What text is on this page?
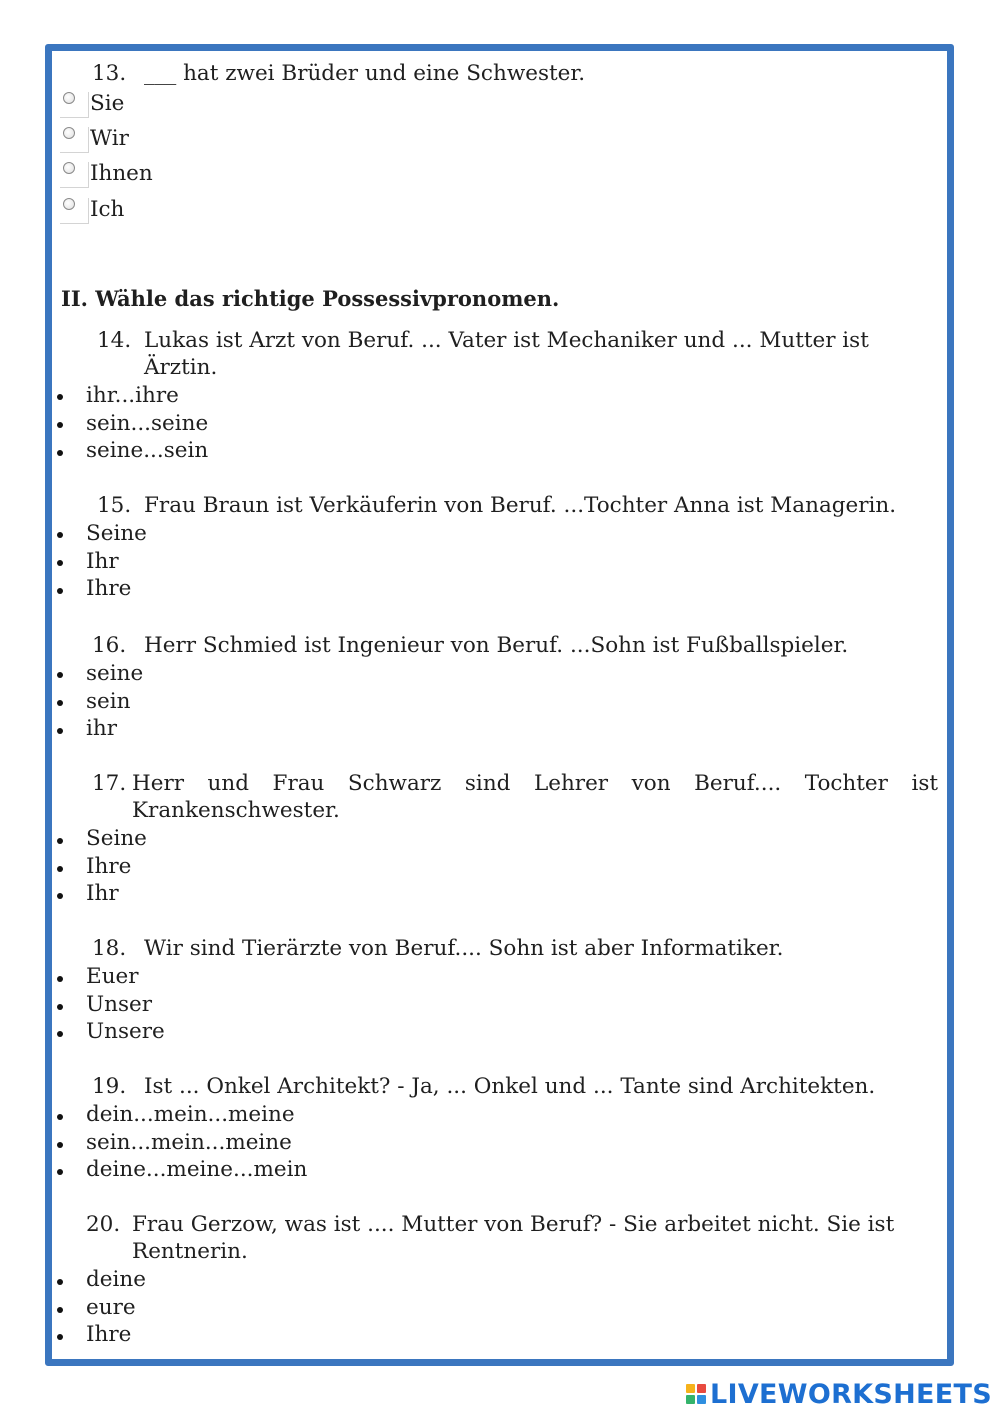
13. ___ hat zwei Brüder und eine Schwester.
Sie
Wir
Ihnen
Ich
II. Wähle das richtige Possessivpronomen.
14. Lukas ist Arzt von Beruf. ... Vater ist Mechaniker und ... Mutter ist
Ärztin.
ihr...ihre
sein...seine
seine...sein
15. Frau Braun ist Verkäuferin von Beruf. ...Tochter Anna ist Managerin.
Seine
Ihr
Ihre
16. Herr Schmied ist Ingenieur von Beruf. ...Sohn ist Fußballspieler.
seine
sein
ihr
17. Herr und Frau Schwarz sind Lehrer von Beruf.... Tochter ist
Krankenschwester.
Seine
Ihre
Ihr
18. Wir sind Tierärzte von Beruf.... Sohn ist aber Informatiker.
Euer
Unser
Unsere
19. Ist ... Onkel Architekt? - Ja, ... Onkel und ... Tante sind Architekten.
dein...mein...meine
sein...mein...meine
deine...meine...mein
20. Frau Gerzow, was ist .... Mutter von Beruf? - Sie arbeitet nicht. Sie ist
Rentnerin.
deine
eure
Ihre
LIVEWORKSHEETS
